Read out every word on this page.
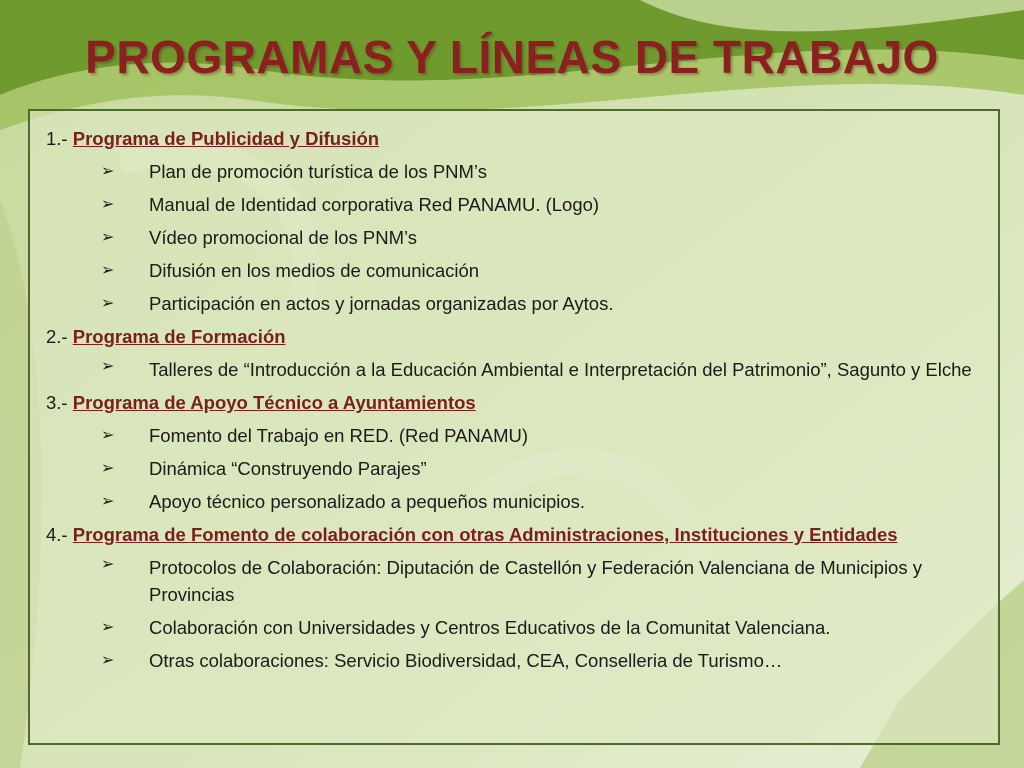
PROGRAMAS Y LÍNEAS DE TRABAJO

1.- Programa de Publicidad y Difusión

➢ Plan de promoción turística de los PNM’s

➢ Manual de Identidad corporativa Red PANAMU. (Logo)

➢ Vídeo promocional de los PNM’s

➢ Difusión en los medios de comunicación

➢ Participación en actos y jornadas organizadas por Aytos.

2.- Programa de Formación

➢ Talleres de “Introducción a la Educación Ambiental e Interpretación del Patrimonio”, Sagunto y Elche

3.- Programa de Apoyo Técnico a Ayuntamientos

➢ Fomento del Trabajo en RED. (Red PANAMU)

➢ Dinámica “Construyendo Parajes”

➢ Apoyo técnico personalizado a pequeños municipios.

4.- Programa de Fomento de colaboración con otras Administraciones, Instituciones y Entidades

➢ Protocolos de Colaboración: Diputación de Castellón y Federación Valenciana de Municipios y Provincias

➢ Colaboración con Universidades y Centros Educativos de la Comunitat Valenciana.

➢ Otras colaboraciones: Servicio Biodiversidad, CEA, Conselleria de Turismo…
